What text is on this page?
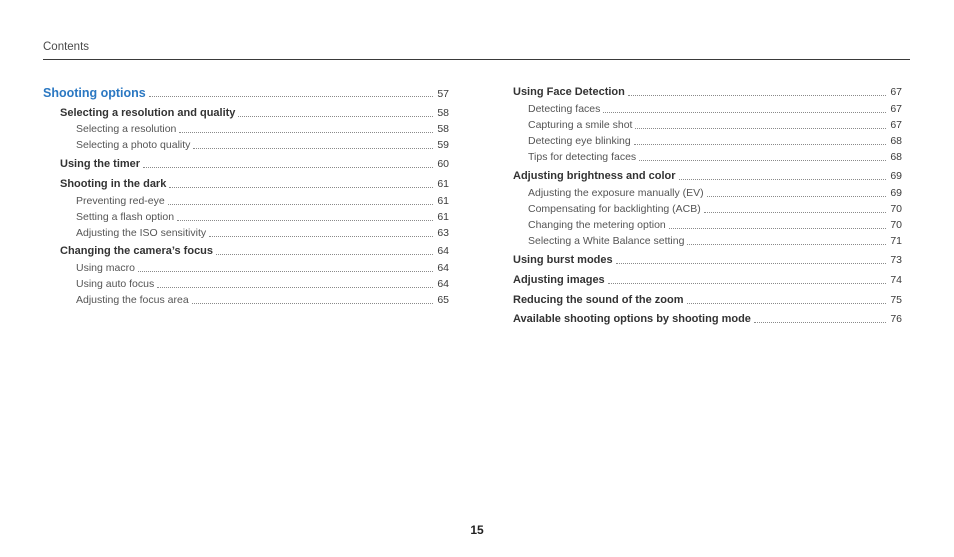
Contents
Shooting options	57
Selecting a resolution and quality	58
Selecting a resolution	58
Selecting a photo quality	59
Using the timer	60
Shooting in the dark	61
Preventing red-eye	61
Setting a flash option	61
Adjusting the ISO sensitivity	63
Changing the camera’s focus	64
Using macro	64
Using auto focus	64
Adjusting the focus area	65
Using Face Detection	67
Detecting faces	67
Capturing a smile shot	67
Detecting eye blinking	68
Tips for detecting faces	68
Adjusting brightness and color	69
Adjusting the exposure manually (EV)	69
Compensating for backlighting (ACB)	70
Changing the metering option	70
Selecting a White Balance setting	71
Using burst modes	73
Adjusting images	74
Reducing the sound of the zoom	75
Available shooting options by shooting mode	76
15
